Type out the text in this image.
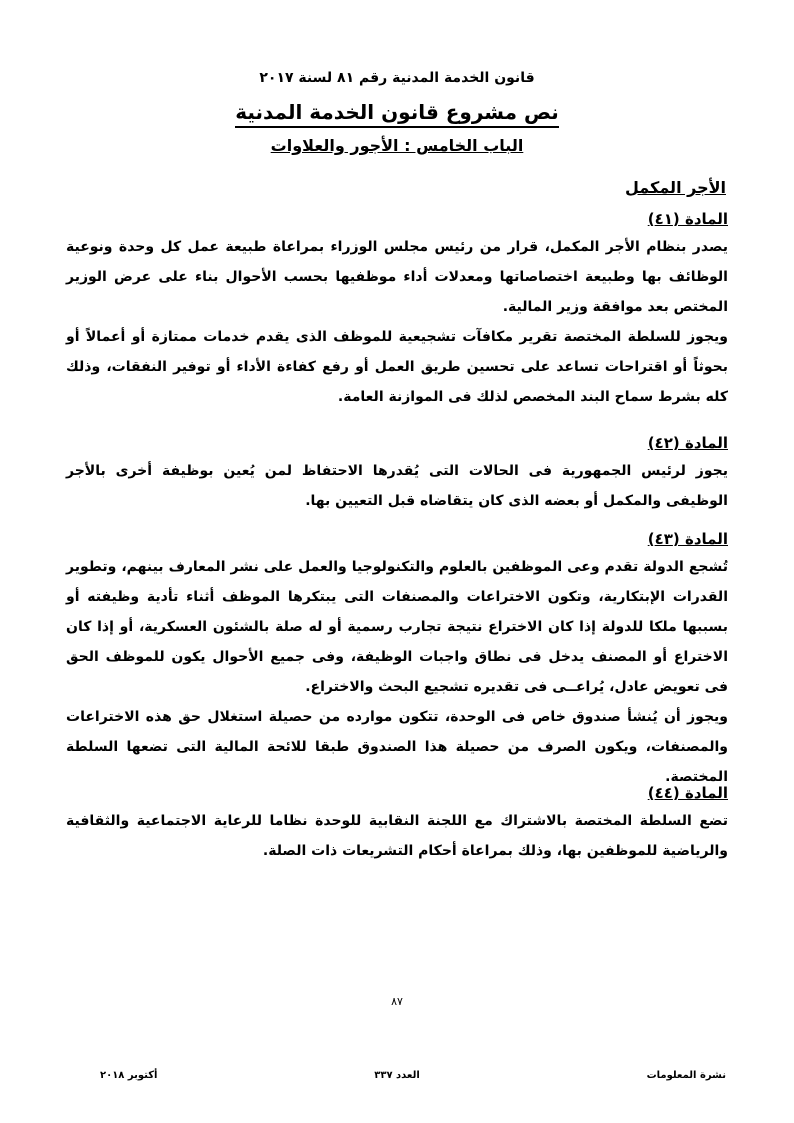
قانون الخدمة المدنية رقم ٨١ لسنة ٢٠١٧
نص مشروع قانون الخدمة المدنية
الباب الخامس : الأجور والعلاوات
الأجر المكمل
المادة (٤١)
يصدر بنظام الأجر المكمل، قرار من رئيس مجلس الوزراء بمراعاة طبيعة عمل كل وحدة ونوعية الوظائف بها وطبيعة اختصاصاتها ومعدلات أداء موظفيها بحسب الأحوال بناء على عرض الوزير المختص بعد موافقة وزير المالية.
ويجوز للسلطة المختصة تقرير مكافآت تشجيعية للموظف الذى يقدم خدمات ممتازة أو أعمالاً أو بحوثاً أو اقتراحات تساعد على تحسين طريق العمل أو رفع كفاءة الأداء أو توفير النفقات، وذلك كله بشرط سماح البند المخصص لذلك فى الموازنة العامة.
المادة (٤٢)
يجوز لرئيس الجمهورية فى الحالات التى يُقدرها الاحتفاظ لمن يُعين بوظيفة أخرى بالأجر الوظيفى والمكمل أو بعضه الذى كان يتقاضاه قبل التعيين بها.
المادة (٤٣)
تُشجع الدولة تقدم وعى الموظفين بالعلوم والتكنولوجيا والعمل على نشر المعارف بينهم، وتطوير القدرات الإبتكارية، وتكون الاختراعات والمصنفات التى يبتكرها الموظف أثناء تأدية وظيفته أو بسببها ملكا للدولة إذا كان الاختراع نتيجة تجارب رسمية أو له صلة بالشئون العسكرية، أو إذا كان الاختراع أو المصنف يدخل فى نطاق واجبات الوظيفة، وفى جميع الأحوال يكون للموظف الحق فى تعويض عادل، يُراعــى فى تقديره تشجيع البحث والاختراع.
ويجوز أن يُنشأ صندوق خاص فى الوحدة، تتكون موارده من حصيلة استغلال حق هذه الاختراعات والمصنفات، ويكون الصرف من حصيلة هذا الصندوق طبقا للائحة المالية التى تضعها السلطة المختصة.
المادة (٤٤)
تضع السلطة المختصة بالاشتراك مع اللجنة النقابية للوحدة نظاما للرعاية الاجتماعية والثقافية والرياضية للموظفين بها، وذلك بمراعاة أحكام التشريعات ذات الصلة.
٨٧
نشرة المعلومات
العدد ٣٣٧
أكتوبر ٢٠١٨
